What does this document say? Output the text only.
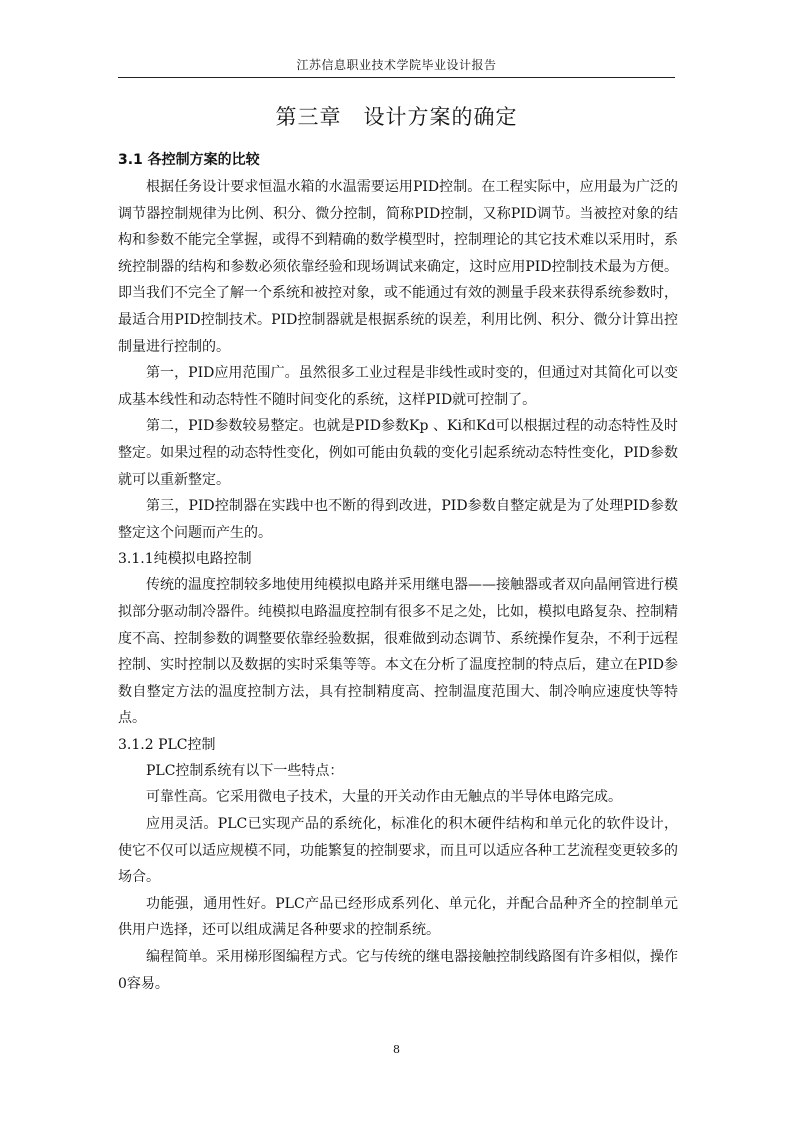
江苏信息职业技术学院毕业设计报告
第三章　设计方案的确定
3.1 各控制方案的比较

根据任务设计要求恒温水箱的水温需要运用PID控制。在工程实际中，应用最为广泛的调节器控制规律为比例、积分、微分控制，简称PID控制，又称PID调节。当被控对象的结构和参数不能完全掌握，或得不到精确的数学模型时，控制理论的其它技术难以采用时，系统控制器的结构和参数必须依靠经验和现场调试来确定，这时应用PID控制技术最为方便。即当我们不完全了解一个系统和被控对象，或不能通过有效的测量手段来获得系统参数时，最适合用PID控制技术。PID控制器就是根据系统的误差，利用比例、积分、微分计算出控制量进行控制的。

第一，PID应用范围广。虽然很多工业过程是非线性或时变的，但通过对其简化可以变成基本线性和动态特性不随时间变化的系统，这样PID就可控制了。

第二，PID参数较易整定。也就是PID参数Kp 、Ki和Kd可以根据过程的动态特性及时整定。如果过程的动态特性变化，例如可能由负载的变化引起系统动态特性变化，PID参数就可以重新整定。

第三，PID控制器在实践中也不断的得到改进，PID参数自整定就是为了处理PID参数整定这个问题而产生的。

3.1.1纯模拟电路控制

传统的温度控制较多地使用纯模拟电路并采用继电器——接触器或者双向晶闸管进行模拟部分驱动制冷器件。纯模拟电路温度控制有很多不足之处，比如，模拟电路复杂、控制精度不高、控制参数的调整要依靠经验数据，很难做到动态调节、系统操作复杂，不利于远程控制、实时控制以及数据的实时采集等等。本文在分析了温度控制的特点后，建立在PID参数自整定方法的温度控制方法，具有控制精度高、控制温度范围大、制冷响应速度快等特点。

3.1.2 PLC控制

PLC控制系统有以下一些特点：

可靠性高。它采用微电子技术，大量的开关动作由无触点的半导体电路完成。

应用灵活。PLC已实现产品的系统化，标准化的积木硬件结构和单元化的软件设计，使它不仅可以适应规模不同，功能繁复的控制要求，而且可以适应各种工艺流程变更较多的场合。

功能强，通用性好。PLC产品已经形成系列化、单元化，并配合品种齐全的控制单元供用户选择，还可以组成满足各种要求的控制系统。

编程简单。采用梯形图编程方式。它与传统的继电器接触控制线路图有许多相似，操作0容易。

8
